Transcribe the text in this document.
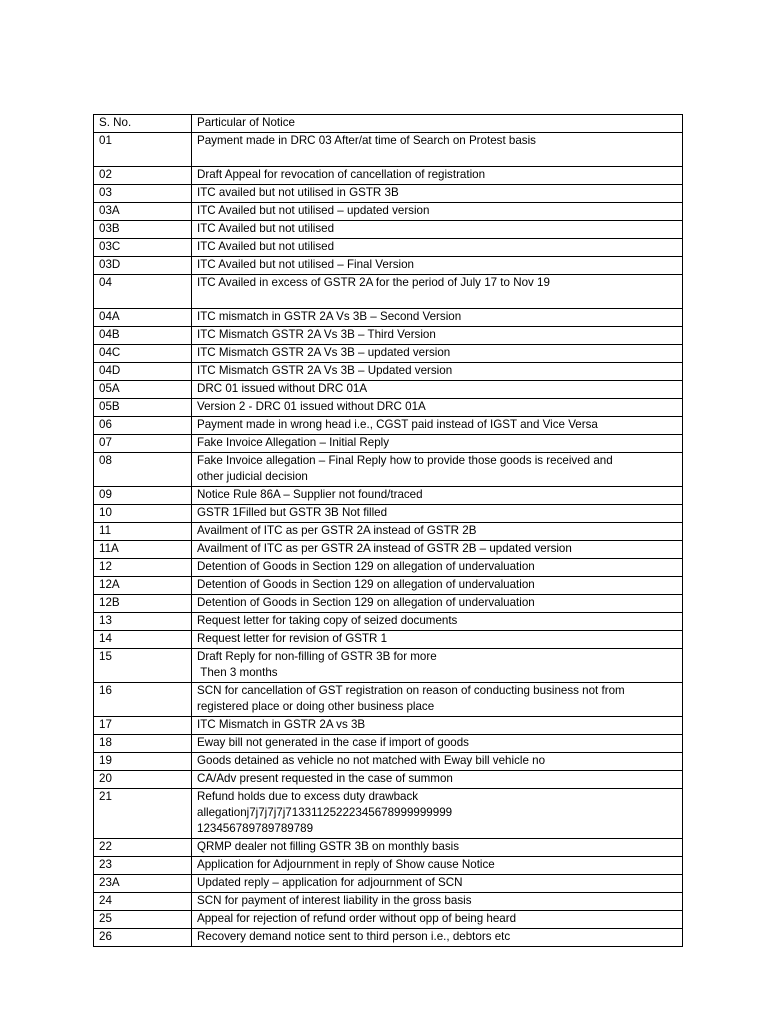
S. No.	Particular of Notice
01	Payment made in DRC 03 After/at time of Search on Protest basis
02	Draft Appeal for revocation of cancellation of registration
03	ITC availed but not utilised in GSTR 3B
03A	ITC Availed but not utilised – updated version
03B	ITC Availed but not utilised
03C	ITC Availed but not utilised
03D	ITC Availed but not utilised – Final Version
04	ITC Availed in excess of GSTR 2A for the period of July 17 to Nov 19
04A	ITC mismatch in GSTR 2A Vs 3B – Second Version
04B	ITC Mismatch GSTR 2A Vs 3B – Third Version
04C	ITC Mismatch GSTR 2A Vs 3B – updated version
04D	ITC Mismatch GSTR 2A Vs 3B – Updated version
05A	DRC 01 issued without DRC 01A
05B	Version 2 - DRC 01 issued without DRC 01A
06	Payment made in wrong head i.e., CGST paid instead of IGST and Vice Versa
07	Fake Invoice Allegation – Initial Reply
08	Fake Invoice allegation – Final Reply how to provide those goods is received and
other judicial decision
09	Notice Rule 86A – Supplier not found/traced
10	GSTR 1Filled but GSTR 3B Not filled
11	Availment of ITC as per GSTR 2A instead of GSTR 2B
11A	Availment of ITC as per GSTR 2A instead of GSTR 2B – updated version
12	Detention of Goods in Section 129 on allegation of undervaluation
12A	Detention of Goods in Section 129 on allegation of undervaluation
12B	Detention of Goods in Section 129 on allegation of undervaluation
13	Request letter for taking copy of seized documents
14	Request letter for revision of GSTR 1
15	Draft Reply for non-filling of GSTR 3B for more
Then 3 months
16	SCN for cancellation of GST registration on reason of conducting business not from
registered place or doing other business place
17	ITC Mismatch in GSTR 2A vs 3B
18	Eway bill not generated in the case if import of goods
19	Goods detained as vehicle no not matched with Eway bill vehicle no
20	CA/Adv present requested in the case of summon
21	Refund holds due to excess duty drawback
allegationj7j7j7j7j71331125222345678999999999
123456789789789789
22	QRMP dealer not filling GSTR 3B on monthly basis
23	Application for Adjournment in reply of Show cause Notice
23A	Updated reply – application for adjournment of SCN
24	SCN for payment of interest liability in the gross basis
25	Appeal for rejection of refund order without opp of being heard
26	Recovery demand notice sent to third person i.e., debtors etc
